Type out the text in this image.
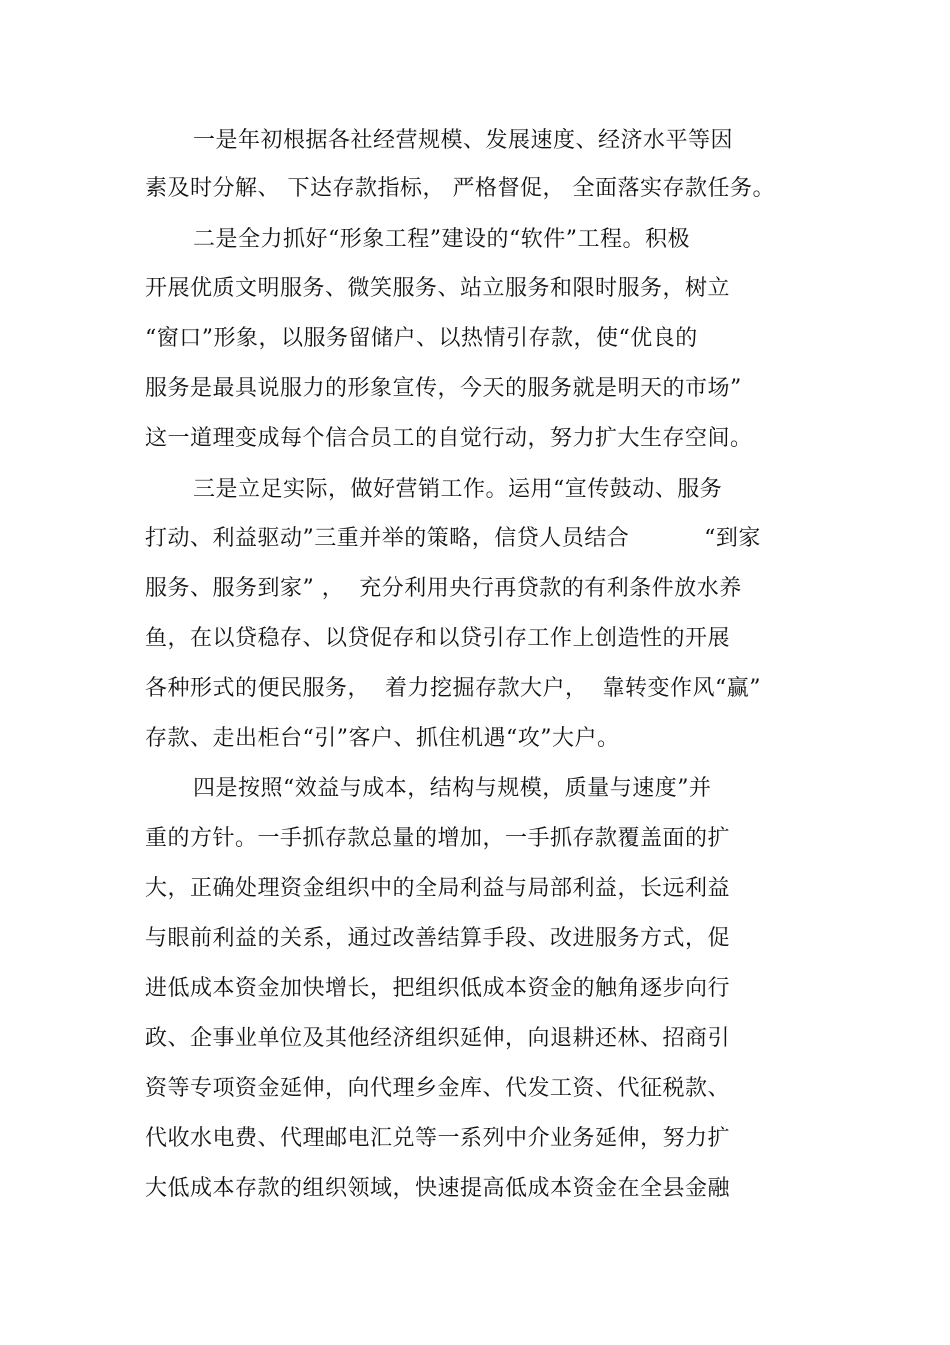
一是年初根据各社经营规模、发展速度、经济水平等因
素及时分解、 下达存款指标， 严格督促， 全面落实存款任务。
二是全力抓好“形象工程”建设的“软件”工程。积极
开展优质文明服务、微笑服务、站立服务和限时服务，树立
“窗口”形象，以服务留储户、以热情引存款，使“优良的
服务是最具说服力的形象宣传，今天的服务就是明天的市场”
这一道理变成每个信合员工的自觉行动，努力扩大生存空间。
三是立足实际，做好营销工作。运用“宣传鼓动、服务
打动、利益驱动”三重并举的策略，信贷人员结合          “到家
服务、服务到家” ，  充分利用央行再贷款的有利条件放水养
鱼，在以贷稳存、以贷促存和以贷引存工作上创造性的开展
各种形式的便民服务，  着力挖掘存款大户，  靠转变作风“赢”
存款、走出柜台“引”客户、抓住机遇“攻”大户。
四是按照“效益与成本，结构与规模，质量与速度”并
重的方针。一手抓存款总量的增加，一手抓存款覆盖面的扩
大，正确处理资金组织中的全局利益与局部利益，长远利益
与眼前利益的关系，通过改善结算手段、改进服务方式，促
进低成本资金加快增长，把组织低成本资金的触角逐步向行
政、企事业单位及其他经济组织延伸，向退耕还林、招商引
资等专项资金延伸，向代理乡金库、代发工资、代征税款、
代收水电费、代理邮电汇兑等一系列中介业务延伸，努力扩
大低成本存款的组织领域，快速提高低成本资金在全县金融
